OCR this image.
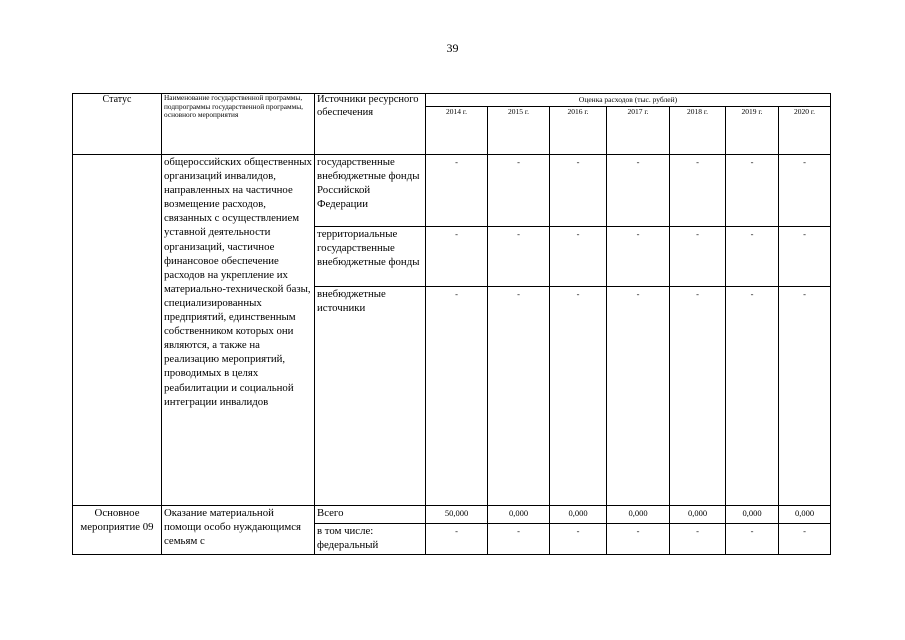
39
Статус	Наименование государственной программы, подпрограммы государственной программы, основного мероприятия	Источники ресурсного обеспечения	Оценка расходов (тыс. рублей)						
			2014 г.	2015 г.	2016 г.	2017 г.	2018 г.	2019 г.	2020 г.
	общероссийских общественных организаций инвалидов, направленных на частичное возмещение расходов, связанных с осуществлением уставной деятельности организаций, частичное финансовое обеспечение расходов на укрепление их материально-технической базы, специализированных предприятий, единственным собственником которых они являются, а также на реализацию мероприятий, проводимых в целях реабилитации и социальной интеграции инвалидов	государственные внебюджетные фонды Российской Федерации	-	-	-	-	-	-	-
		территориальные государственные внебюджетные фонды	-	-	-	-	-	-	-
		внебюджетные источники	-	-	-	-	-	-	-
Основное мероприятие 09	Оказание материальной помощи особо нуждающимся семьям с	Всего	50,000	0,000	0,000	0,000	0,000	0,000	0,000
		в том числе: федеральный	-	-	-	-	-	-	-
